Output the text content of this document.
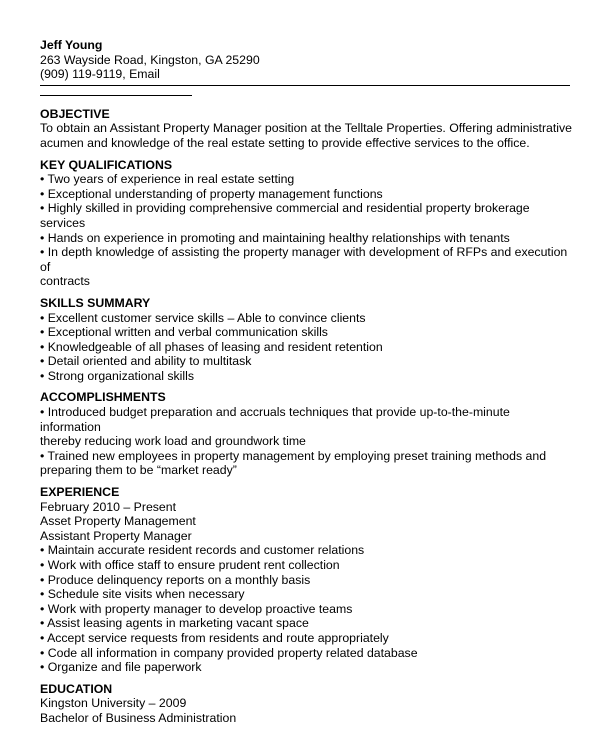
Jeff Young
263 Wayside Road, Kingston, GA 25290
(909) 119-9119, Email
OBJECTIVE
To obtain an Assistant Property Manager position at the Telltale Properties. Offering administrative
acumen and knowledge of the real estate setting to provide effective services to the office.
KEY QUALIFICATIONS
• Two years of experience in real estate setting
• Exceptional understanding of property management functions
• Highly skilled in providing comprehensive commercial and residential property brokerage services
• Hands on experience in promoting and maintaining healthy relationships with tenants
• In depth knowledge of assisting the property manager with development of RFPs and execution of
contracts
SKILLS SUMMARY
• Excellent customer service skills – Able to convince clients
• Exceptional written and verbal communication skills
• Knowledgeable of all phases of leasing and resident retention
• Detail oriented and ability to multitask
• Strong organizational skills
ACCOMPLISHMENTS
• Introduced budget preparation and accruals techniques that provide up-to-the-minute information
thereby reducing work load and groundwork time
• Trained new employees in property management by employing preset training methods and
preparing them to be “market ready”
EXPERIENCE
February 2010 – Present
Asset Property Management
Assistant Property Manager
• Maintain accurate resident records and customer relations
• Work with office staff to ensure prudent rent collection
• Produce delinquency reports on a monthly basis
• Schedule site visits when necessary
• Work with property manager to develop proactive teams
• Assist leasing agents in marketing vacant space
• Accept service requests from residents and route appropriately
• Code all information in company provided property related database
• Organize and file paperwork
EDUCATION
Kingston University – 2009
Bachelor of Business Administration
